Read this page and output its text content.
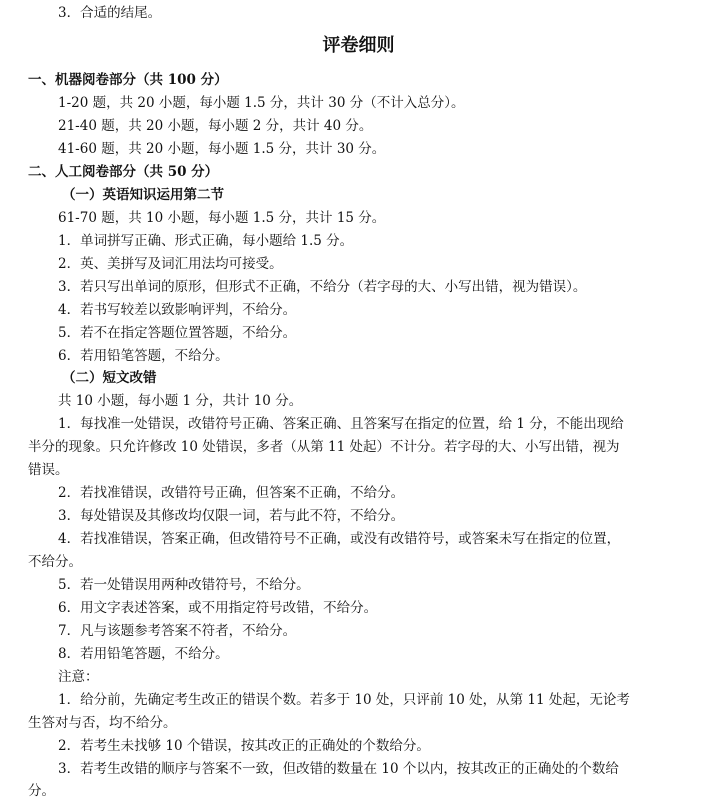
3．合适的结尾。
评卷细则
一、机器阅卷部分（共 100 分）
1-20 题，共 20 小题，每小题 1.5 分，共计 30 分（不计入总分）。
21-40 题，共 20 小题，每小题 2 分，共计 40 分。
41-60 题，共 20 小题，每小题 1.5 分，共计 30 分。
二、人工阅卷部分（共 50 分）
（一）英语知识运用第二节
61-70 题，共 10 小题，每小题 1.5 分，共计 15 分。
1．单词拼写正确、形式正确，每小题给 1.5 分。
2．英、美拼写及词汇用法均可接受。
3．若只写出单词的原形，但形式不正确，不给分（若字母的大、小写出错，视为错误）。
4．若书写较差以致影响评判，不给分。
5．若不在指定答题位置答题，不给分。
6．若用铅笔答题，不给分。
（二）短文改错
共 10 小题，每小题 1 分，共计 10 分。
1．每找准一处错误，改错符号正确、答案正确、且答案写在指定的位置，给 1 分，不能出现给
半分的现象。只允许修改 10 处错误，多者（从第 11 处起）不计分。若字母的大、小写出错，视为
错误。
2．若找准错误，改错符号正确，但答案不正确，不给分。
3．每处错误及其修改均仅限一词，若与此不符，不给分。
4．若找准错误，答案正确，但改错符号不正确，或没有改错符号，或答案未写在指定的位置，
不给分。
5．若一处错误用两种改错符号，不给分。
6．用文字表述答案，或不用指定符号改错，不给分。
7．凡与该题参考答案不符者，不给分。
8．若用铅笔答题，不给分。
注意：
1．给分前，先确定考生改正的错误个数。若多于 10 处，只评前 10 处，从第 11 处起，无论考
生答对与否，均不给分。
2．若考生未找够 10 个错误，按其改正的正确处的个数给分。
3．若考生改错的顺序与答案不一致，但改错的数量在 10 个以内，按其改正的正确处的个数给
分。
